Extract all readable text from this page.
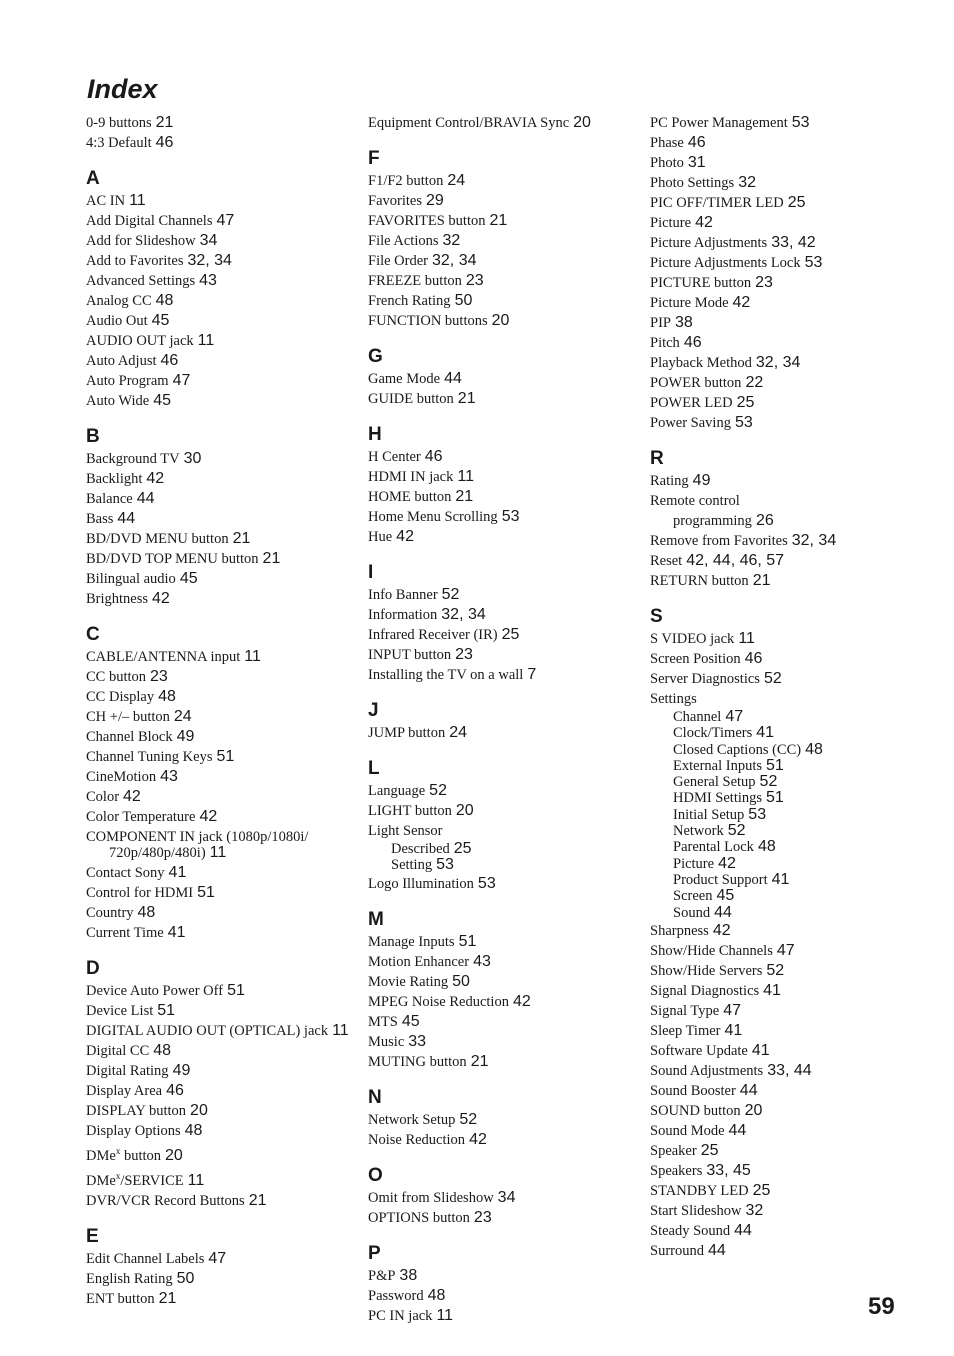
Index
0-9 buttons 21
4:3 Default 46
A
AC IN 11
Add Digital Channels 47
Add for Slideshow 34
Add to Favorites 32, 34
Advanced Settings 43
Analog CC 48
Audio Out 45
AUDIO OUT jack 11
Auto Adjust 46
Auto Program 47
Auto Wide 45
B
Background TV 30
Backlight 42
Balance 44
Bass 44
BD/DVD MENU button 21
BD/DVD TOP MENU button 21
Bilingual audio 45
Brightness 42
C
CABLE/ANTENNA input 11
CC button 23
CC Display 48
CH +/– button 24
Channel Block 49
Channel Tuning Keys 51
CineMotion 43
Color 42
Color Temperature 42
COMPONENT IN jack (1080p/1080i/ 720p/480p/480i) 11
Contact Sony 41
Control for HDMI 51
Country 48
Current Time 41
D
Device Auto Power Off 51
Device List 51
DIGITAL AUDIO OUT (OPTICAL) jack 11
Digital CC 48
Digital Rating 49
Display Area 46
DISPLAY button 20
Display Options 48
DMe$^x$ button 20
DMe$^x$/SERVICE 11
DVR/VCR Record Buttons 21
E
Edit Channel Labels 47
English Rating 50
ENT button 21
Equipment Control/BRAVIA Sync 20
F
F1/F2 button 24
Favorites 29
FAVORITES button 21
File Actions 32
File Order 32, 34
FREEZE button 23
French Rating 50
FUNCTION buttons 20
G
Game Mode 44
GUIDE button 21
H
H Center 46
HDMI IN jack 11
HOME button 21
Home Menu Scrolling 53
Hue 42
I
Info Banner 52
Information 32, 34
Infrared Receiver (IR) 25
INPUT button 23
Installing the TV on a wall 7
J
JUMP button 24
L
Language 52
LIGHT button 20
Light Sensor
Described 25
Setting 53
Logo Illumination 53
M
Manage Inputs 51
Motion Enhancer 43
Movie Rating 50
MPEG Noise Reduction 42
MTS 45
Music 33
MUTING button 21
N
Network Setup 52
Noise Reduction 42
O
Omit from Slideshow 34
OPTIONS button 23
P
P&P 38
Password 48
PC IN jack 11
PC Power Management 53
Phase 46
Photo 31
Photo Settings 32
PIC OFF/TIMER LED 25
Picture 42
Picture Adjustments 33, 42
Picture Adjustments Lock 53
PICTURE button 23
Picture Mode 42
PIP 38
Pitch 46
Playback Method 32, 34
POWER button 22
POWER LED 25
Power Saving 53
R
Rating 49
Remote control
programming 26
Remove from Favorites 32, 34
Reset 42, 44, 46, 57
RETURN button 21
S
S VIDEO jack 11
Screen Position 46
Server Diagnostics 52
Settings
Channel 47
Clock/Timers 41
Closed Captions (CC) 48
External Inputs 51
General Setup 52
HDMI Settings 51
Initial Setup 53
Network 52
Parental Lock 48
Picture 42
Product Support 41
Screen 45
Sound 44
Sharpness 42
Show/Hide Channels 47
Show/Hide Servers 52
Signal Diagnostics 41
Signal Type 47
Sleep Timer 41
Software Update 41
Sound Adjustments 33, 44
Sound Booster 44
SOUND button 20
Sound Mode 44
Speaker 25
Speakers 33, 45
STANDBY LED 25
Start Slideshow 32
Steady Sound 44
Surround 44
59
